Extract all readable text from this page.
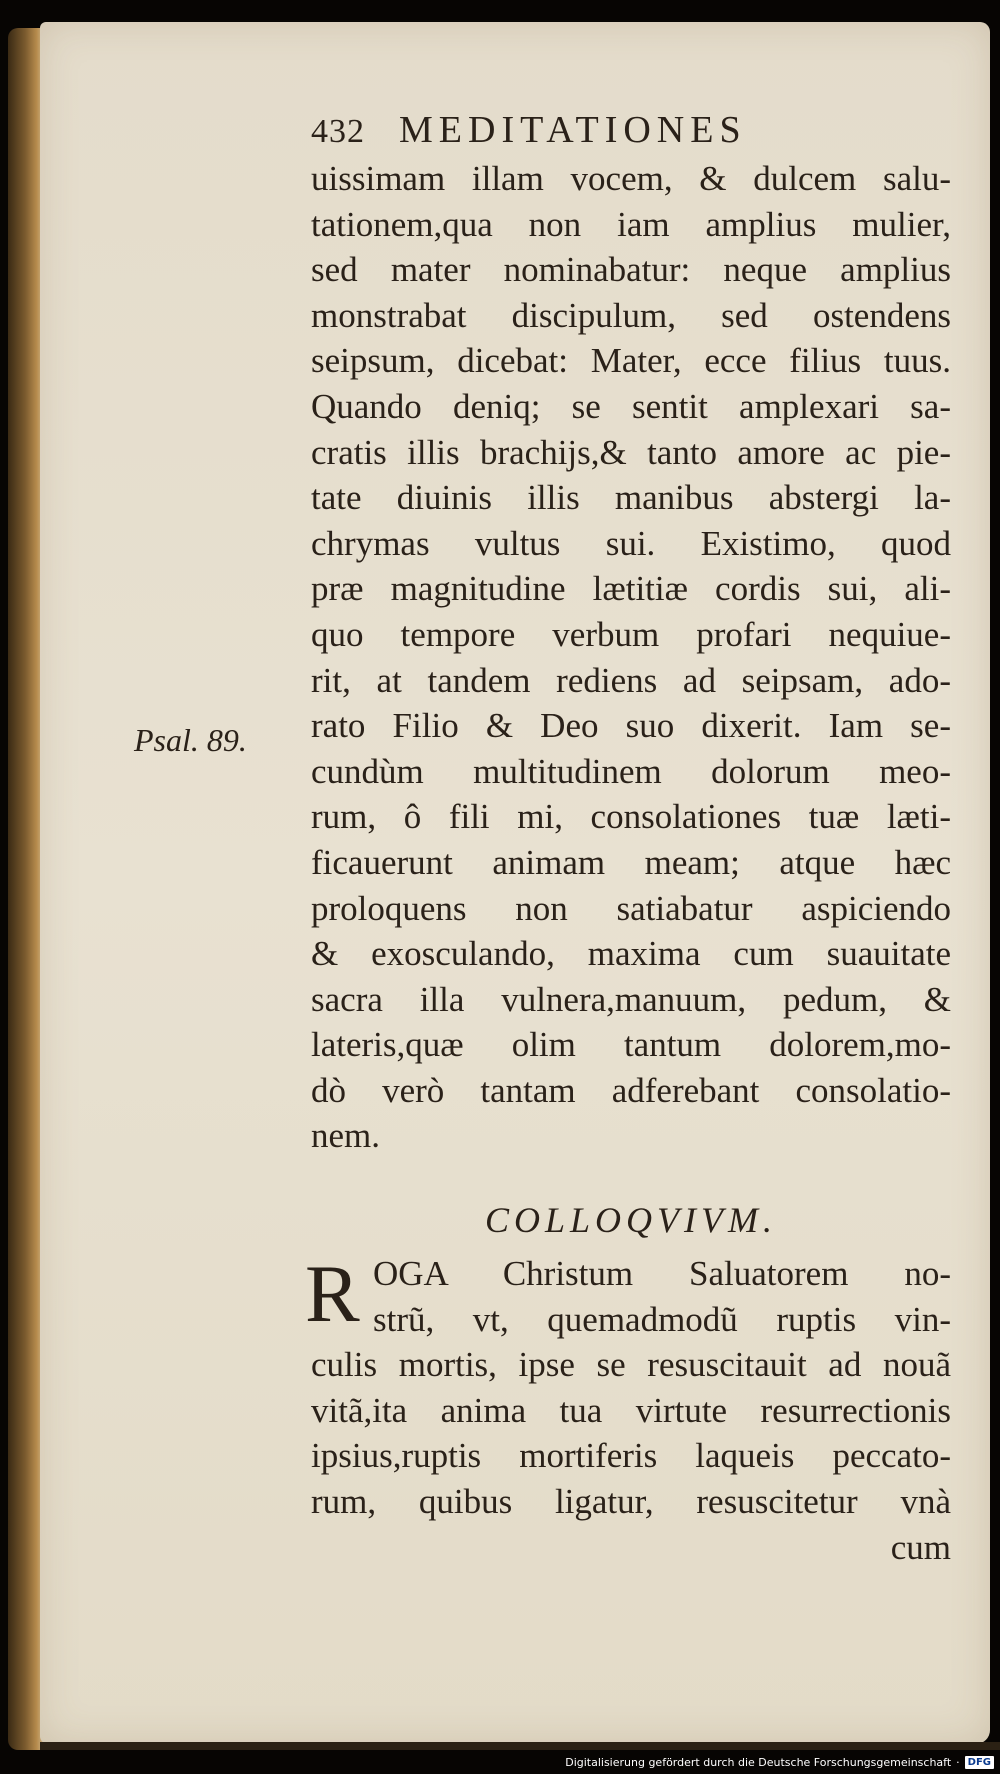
Psal. 89.
432 MEDITATIONES
uissimam illam vocem, & dulcem salu-
tationem,qua non iam amplius mulier,
sed mater nominabatur: neque amplius
monstrabat discipulum, sed ostendens
seipsum, dicebat: Mater, ecce filius tuus.
Quando deniq; se sentit amplexari sa-
cratis illis brachijs,& tanto amore ac pie-
tate diuinis illis manibus abstergi la-
chrymas vultus sui. Existimo, quod
præ magnitudine lætitiæ cordis sui, ali-
quo tempore verbum profari nequiue-
rit, at tandem rediens ad seipsam, ado-
rato Filio & Deo suo dixerit. Iam se-
cundùm multitudinem dolorum meo-
rum, ô fili mi, consolationes tuæ læti-
ficauerunt animam meam; atque hæc
proloquens non satiabatur aspiciendo
& exosculando, maxima cum suauitate
sacra illa vulnera,manuum, pedum, &
lateris,quæ olim tantum dolorem,mo-
dò verò tantam adferebant consolatio-
nem.
COLLOQVIVM.
R OGA Christum Saluatorem no-
strũ, vt, quemadmodũ ruptis vin-
culis mortis, ipse se resuscitauit ad nouã
vitã,ita anima tua virtute resurrectionis
ipsius,ruptis mortiferis laqueis peccato-
rum, quibus ligatur, resuscitetur vnà
cum
Digitalisierung gefördert durch die Deutsche Forschungsgemeinschaft · DFG
